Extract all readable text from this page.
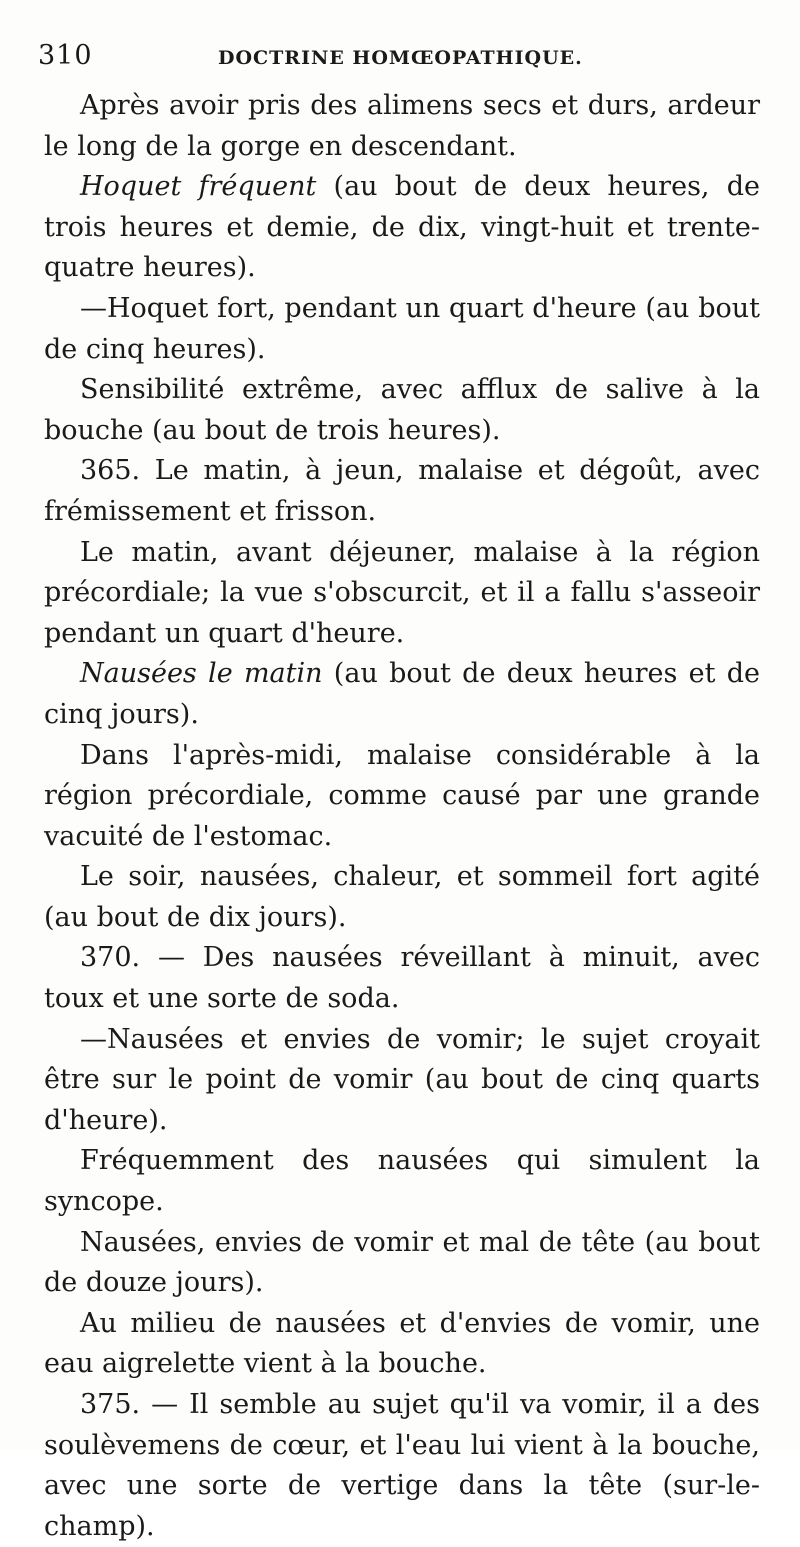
310	DOCTRINE HOMŒOPATHIQUE.

Après avoir pris des alimens secs et durs, ardeur le long de la gorge en descendant.

Hoquet fréquent (au bout de deux heures, de trois heures et demie, de dix, vingt-huit et trente-quatre heures).

—Hoquet fort, pendant un quart d'heure (au bout de cinq heures).

Sensibilité extrême, avec afflux de salive à la bouche (au bout de trois heures).

365. Le matin, à jeun, malaise et dégoût, avec frémissement et frisson.

Le matin, avant déjeuner, malaise à la région précordiale; la vue s'obscurcit, et il a fallu s'asseoir pendant un quart d'heure.

Nausées le matin (au bout de deux heures et de cinq jours).

Dans l'après-midi, malaise considérable à la région précordiale, comme causé par une grande vacuité de l'estomac.

Le soir, nausées, chaleur, et sommeil fort agité (au bout de dix jours).

370. — Des nausées réveillant à minuit, avec toux et une sorte de soda.

—Nausées et envies de vomir; le sujet croyait être sur le point de vomir (au bout de cinq quarts d'heure).

Fréquemment des nausées qui simulent la syncope.

Nausées, envies de vomir et mal de tête (au bout de douze jours).

Au milieu de nausées et d'envies de vomir, une eau aigrelette vient à la bouche.

375. — Il semble au sujet qu'il va vomir, il a des soulèvemens de cœur, et l'eau lui vient à la bouche, avec une sorte de vertige dans la tête (sur-le-champ).
